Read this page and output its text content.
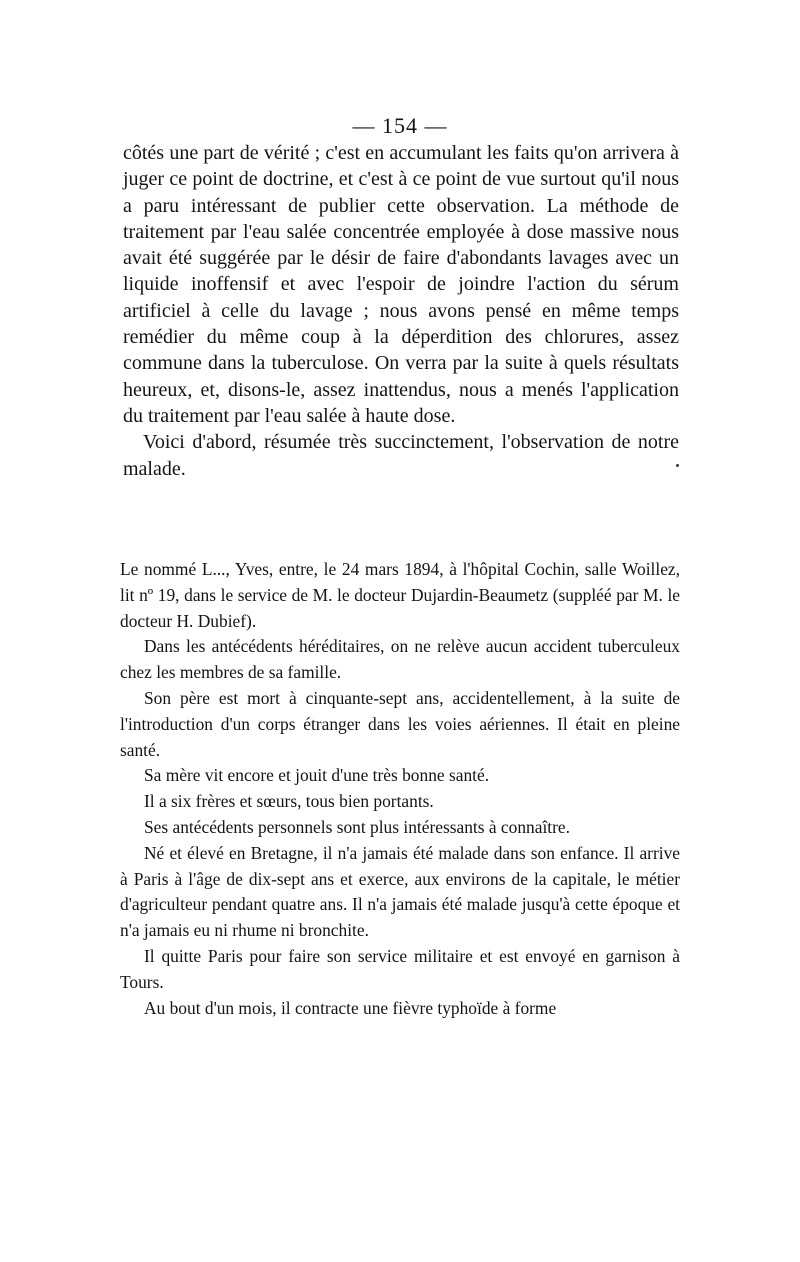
— 154 —

côtés une part de vérité ; c'est en accumulant les faits qu'on arrivera à juger ce point de doctrine, et c'est à ce point de vue surtout qu'il nous a paru intéressant de publier cette observation. La méthode de traitement par l'eau salée concentrée employée à dose massive nous avait été suggérée par le désir de faire d'abondants lavages avec un liquide inoffensif et avec l'espoir de joindre l'action du sérum artificiel à celle du lavage ; nous avons pensé en même temps remédier du même coup à la déperdition des chlorures, assez commune dans la tuberculose. On verra par la suite à quels résultats heureux, et, disons-le, assez inattendus, nous a menés l'application du traitement par l'eau salée à haute dose.

Voici d'abord, résumée très succinctement, l'observation de notre malade.

Le nommé L..., Yves, entre, le 24 mars 1894, à l'hôpital Cochin, salle Woillez, lit nº 19, dans le service de M. le docteur Dujardin-Beaumetz (suppléé par M. le docteur H. Dubief).

Dans les antécédents héréditaires, on ne relève aucun accident tuberculeux chez les membres de sa famille.

Son père est mort à cinquante-sept ans, accidentellement, à la suite de l'introduction d'un corps étranger dans les voies aériennes. Il était en pleine santé.

Sa mère vit encore et jouit d'une très bonne santé.

Il a six frères et sœurs, tous bien portants.

Ses antécédents personnels sont plus intéressants à connaître.

Né et élevé en Bretagne, il n'a jamais été malade dans son enfance. Il arrive à Paris à l'âge de dix-sept ans et exerce, aux environs de la capitale, le métier d'agriculteur pendant quatre ans. Il n'a jamais été malade jusqu'à cette époque et n'a jamais eu ni rhume ni bronchite.

Il quitte Paris pour faire son service militaire et est envoyé en garnison à Tours.

Au bout d'un mois, il contracte une fièvre typhoïde à forme
